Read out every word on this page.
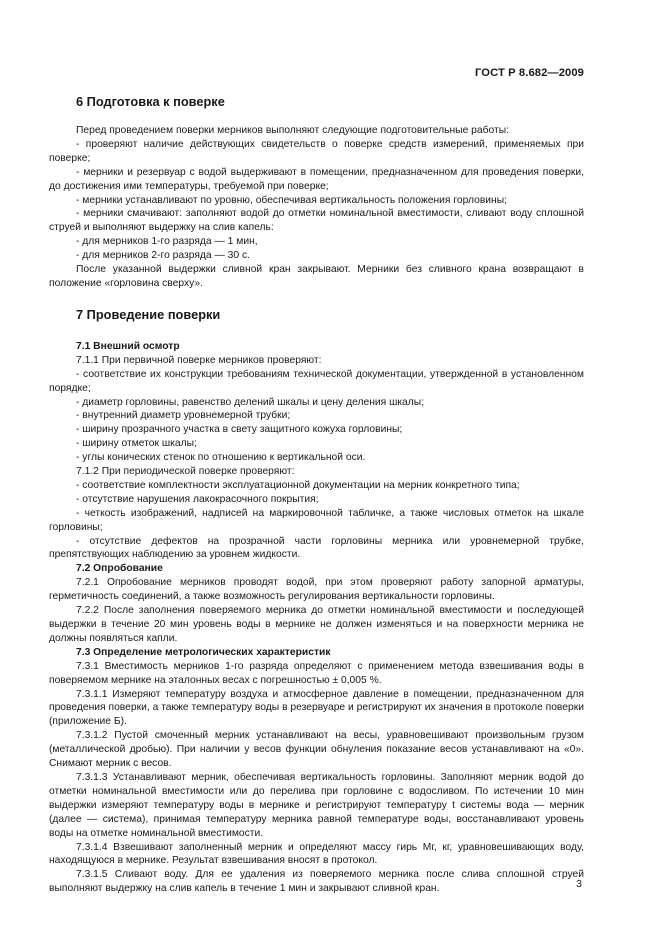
ГОСТ Р 8.682—2009
6 Подготовка к поверке

Перед проведением поверки мерников выполняют следующие подготовительные работы:

- проверяют наличие действующих свидетельств о поверке средств измерений, применяемых при поверке;

- мерники и резервуар с водой выдерживают в помещении, предназначенном для проведения поверки, до достижения ими температуры, требуемой при поверке;

- мерники устанавливают по уровню, обеспечивая вертикальность положения горловины;

- мерники смачивают: заполняют водой до отметки номинальной вместимости, сливают воду сплошной струей и выполняют выдержку на слив капель:

- для мерников 1-го разряда — 1 мин,

- для мерников 2-го разряда — 30 с.

После указанной выдержки сливной кран закрывают. Мерники без сливного крана возвращают в положение «горловина сверху».

7 Проведение поверки

7.1 Внешний осмотр

7.1.1 При первичной поверке мерников проверяют:

- соответствие их конструкции требованиям технической документации, утвержденной в установленном порядке;

- диаметр горловины, равенство делений шкалы и цену деления шкалы;

- внутренний диаметр уровнемерной трубки;

- ширину прозрачного участка в свету защитного кожуха горловины;

- ширину отметок шкалы;

- углы конических стенок по отношению к вертикальной оси.

7.1.2 При периодической поверке проверяют:

- соответствие комплектности эксплуатационной документации на мерник конкретного типа;

- отсутствие нарушения лакокрасочного покрытия;

- четкость изображений, надписей на маркировочной табличке, а также числовых отметок на шкале горловины;

- отсутствие дефектов на прозрачной части горловины мерника или уровнемерной трубке, препятствующих наблюдению за уровнем жидкости.

7.2 Опробование

7.2.1 Опробование мерников проводят водой, при этом проверяют работу запорной арматуры, герметичность соединений, а также возможность регулирования вертикальности горловины.

7.2.2 После заполнения поверяемого мерника до отметки номинальной вместимости и последующей выдержки в течение 20 мин уровень воды в мернике не должен изменяться и на поверхности мерника не должны появляться капли.

7.3 Определение метрологических характеристик

7.3.1 Вместимость мерников 1-го разряда определяют с применением метода взвешивания воды в поверяемом мернике на эталонных весах с погрешностью ± 0,005 %.

7.3.1.1 Измеряют температуру воздуха и атмосферное давление в помещении, предназначенном для проведения поверки, а также температуру воды в резервуаре и регистрируют их значения в протоколе поверки (приложение Б).

7.3.1.2 Пустой смоченный мерник устанавливают на весы, уравновешивают произвольным грузом (металлической дробью). При наличии у весов функции обнуления показание весов устанавливают на «0». Снимают мерник с весов.

7.3.1.3 Устанавливают мерник, обеспечивая вертикальность горловины. Заполняют мерник водой до отметки номинальной вместимости или до перелива при горловине с водосливом. По истечении 10 мин выдержки измеряют температуру воды в мернике и регистрируют температуру t системы вода — мерник (далее — система), принимая температуру мерника равной температуре воды, восстанавливают уровень воды на отметке номинальной вместимости.

7.3.1.4 Взвешивают заполненный мерник и определяют массу гирь Mг, кг, уравновешивающих воду, находящуюся в мернике. Результат взвешивания вносят в протокол.

7.3.1.5 Сливают воду. Для ее удаления из поверяемого мерника после слива сплошной струей выполняют выдержку на слив капель в течение 1 мин и закрывают сливной кран.	3
